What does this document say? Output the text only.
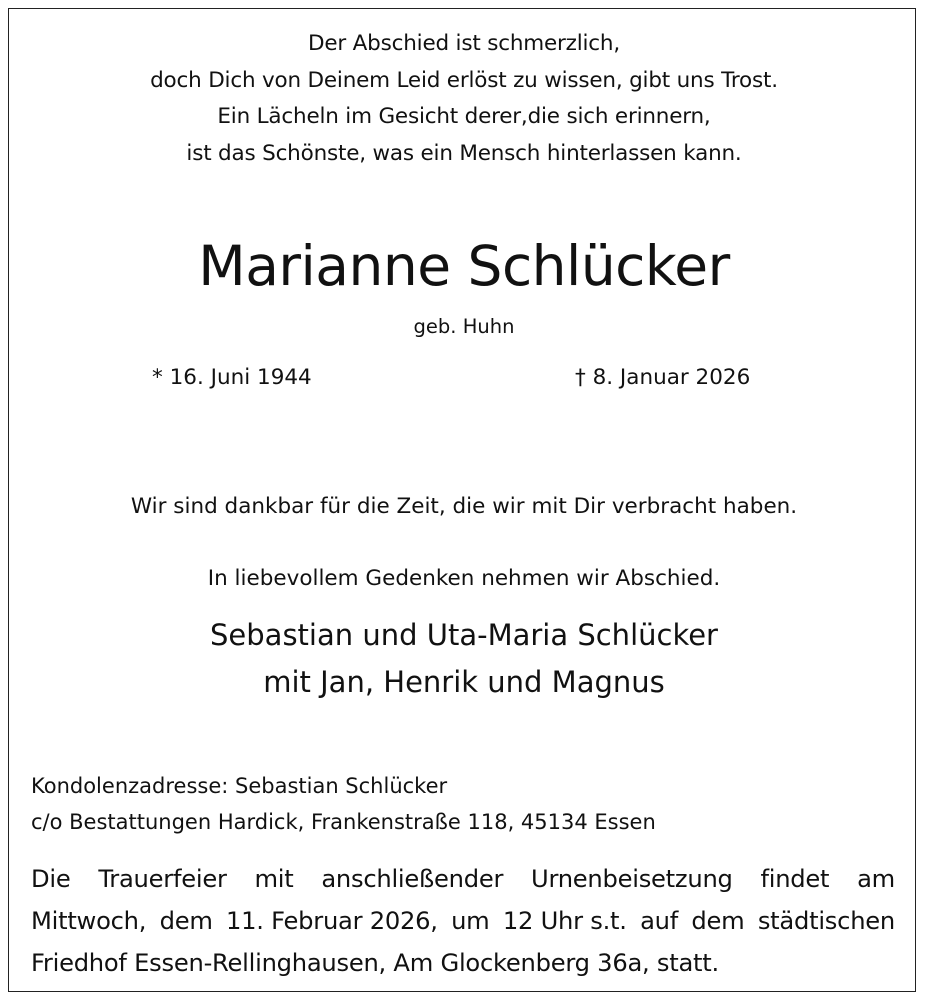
Der Abschied ist schmerzlich,
doch Dich von Deinem Leid erlöst zu wissen, gibt uns Trost.
Ein Lächeln im Gesicht derer,die sich erinnern,
ist das Schönste, was ein Mensch hinterlassen kann.
Marianne Schlücker
geb. Huhn
* 16. Juni 1944	† 8. Januar 2026
Wir sind dankbar für die Zeit, die wir mit Dir verbracht haben.
In liebevollem Gedenken nehmen wir Abschied.
Sebastian und Uta-Maria Schlücker
mit Jan, Henrik und Magnus
Kondolenzadresse: Sebastian Schlücker
c/o Bestattungen Hardick, Frankenstraße 118, 45134 Essen
Die Trauerfeier mit anschließender Urnenbeisetzung findet am
Mittwoch, dem 11. Februar 2026, um 12 Uhr s.t. auf dem städtischen
Friedhof Essen-Rellinghausen, Am Glockenberg 36a, statt.
